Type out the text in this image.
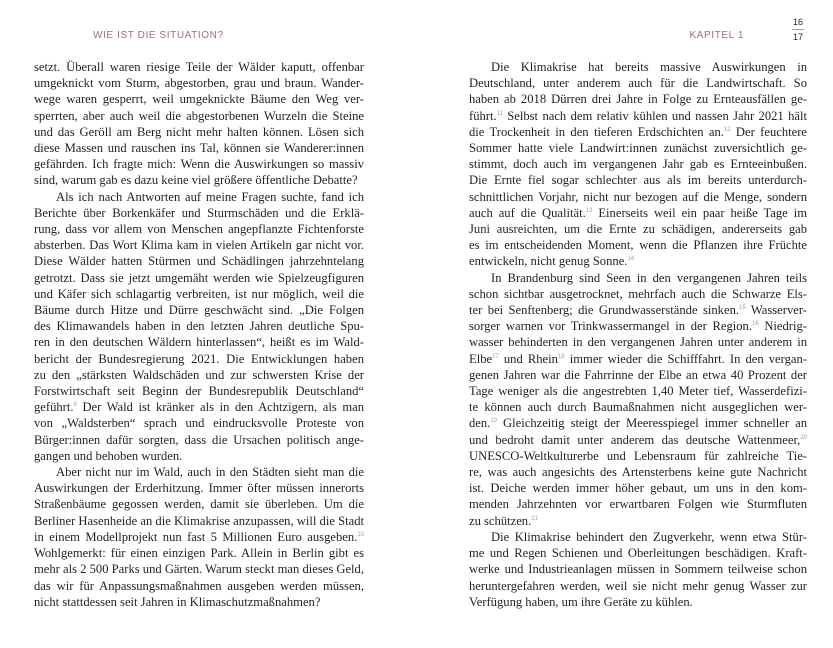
WIE IST DIE SITUATION?	KAPITEL 1
16
17
setzt. Überall waren riesige Teile der Wälder kaputt, offenbar
umgeknickt vom Sturm, abgestorben, grau und braun. Wander-
wege waren gesperrt, weil umgeknickte Bäume den Weg ver-
sperrten, aber auch weil die abgestorbenen Wurzeln die Steine
und das Geröll am Berg nicht mehr halten können. Lösen sich
diese Massen und rauschen ins Tal, können sie Wanderer:innen
gefährden. Ich fragte mich: Wenn die Auswirkungen so massiv
sind, warum gab es dazu keine viel größere öffentliche Debatte?
Als ich nach Antworten auf meine Fragen suchte, fand ich
Berichte über Borkenkäfer und Sturmschäden und die Erklä-
rung, dass vor allem von Menschen angepflanzte Fichtenforste
absterben. Das Wort Klima kam in vielen Artikeln gar nicht vor.
Diese Wälder hatten Stürmen und Schädlingen jahrzehntelang
getrotzt. Dass sie jetzt umgemäht werden wie Spielzeugfiguren
und Käfer sich schlagartig verbreiten, ist nur möglich, weil die
Bäume durch Hitze und Dürre geschwächt sind. „Die Folgen
des Klimawandels haben in den letzten Jahren deutliche Spu-
ren in den deutschen Wäldern hinterlassen“, heißt es im Wald-
bericht der Bundesregierung 2021. Die Entwicklungen haben
zu den „stärksten Waldschäden und zur schwersten Krise der
Forstwirtschaft seit Beginn der Bundesrepublik Deutschland“
geführt.$^9$ Der Wald ist kränker als in den Achtzigern, als man
von „Waldsterben“ sprach und eindrucksvolle Proteste von
Bürger:innen dafür sorgten, dass die Ursachen politisch ange-
gangen und behoben wurden.
Aber nicht nur im Wald, auch in den Städten sieht man die
Auswirkungen der Erderhitzung. Immer öfter müssen innerorts
Straßenbäume gegossen werden, damit sie überleben. Um die
Berliner Hasenheide an die Klimakrise anzupassen, will die Stadt
in einem Modellprojekt nun fast 5 Millionen Euro ausgeben.$^{10}$
Wohlgemerkt: für einen einzigen Park. Allein in Berlin gibt es
mehr als 2 500 Parks und Gärten. Warum steckt man dieses Geld,
das wir für Anpassungsmaßnahmen ausgeben werden müssen,
nicht stattdessen seit Jahren in Klimaschutzmaßnahmen?
Die Klimakrise hat bereits massive Auswirkungen in
Deutschland, unter anderem auch für die Landwirtschaft. So
haben ab 2018 Dürren drei Jahre in Folge zu Ernteausfällen ge-
führt.$^{11}$ Selbst nach dem relativ kühlen und nassen Jahr 2021 hält
die Trockenheit in den tieferen Erdschichten an.$^{12}$ Der feuchtere
Sommer hatte viele Landwirt:innen zunächst zuversichtlich ge-
stimmt, doch auch im vergangenen Jahr gab es Ernteeinbußen.
Die Ernte fiel sogar schlechter aus als im bereits unterdurch-
schnittlichen Vorjahr, nicht nur bezogen auf die Menge, sondern
auch auf die Qualität.$^{13}$ Einerseits weil ein paar heiße Tage im
Juni ausreichten, um die Ernte zu schädigen, andererseits gab
es im entscheidenden Moment, wenn die Pflanzen ihre Früchte
entwickeln, nicht genug Sonne.$^{14}$
In Brandenburg sind Seen in den vergangenen Jahren teils
schon sichtbar ausgetrocknet, mehrfach auch die Schwarze Els-
ter bei Senftenberg; die Grundwasserstände sinken.$^{15}$ Wasserver-
sorger warnen vor Trinkwassermangel in der Region.$^{16}$ Niedrig-
wasser behinderten in den vergangenen Jahren unter anderem in
Elbe$^{17}$ und Rhein$^{18}$ immer wieder die Schifffahrt. In den vergan-
genen Jahren war die Fahrrinne der Elbe an etwa 40 Prozent der
Tage weniger als die angestrebten 1,40 Meter tief, Wasserdefizi-
te können auch durch Baumaßnahmen nicht ausgeglichen wer-
den.$^{19}$ Gleichzeitig steigt der Meeresspiegel immer schneller an
und bedroht damit unter anderem das deutsche Wattenmeer,$^{20}$
UNESCO-Weltkulturerbe und Lebensraum für zahlreiche Tie-
re, was auch angesichts des Artensterbens keine gute Nachricht
ist. Deiche werden immer höher gebaut, um uns in den kom-
menden Jahrzehnten vor erwartbaren Folgen wie Sturmfluten
zu schützen.$^{21}$
Die Klimakrise behindert den Zugverkehr, wenn etwa Stür-
me und Regen Schienen und Oberleitungen beschädigen. Kraft-
werke und Industrieanlagen müssen in Sommern teilweise schon
heruntergefahren werden, weil sie nicht mehr genug Wasser zur
Verfügung haben, um ihre Geräte zu kühlen.
